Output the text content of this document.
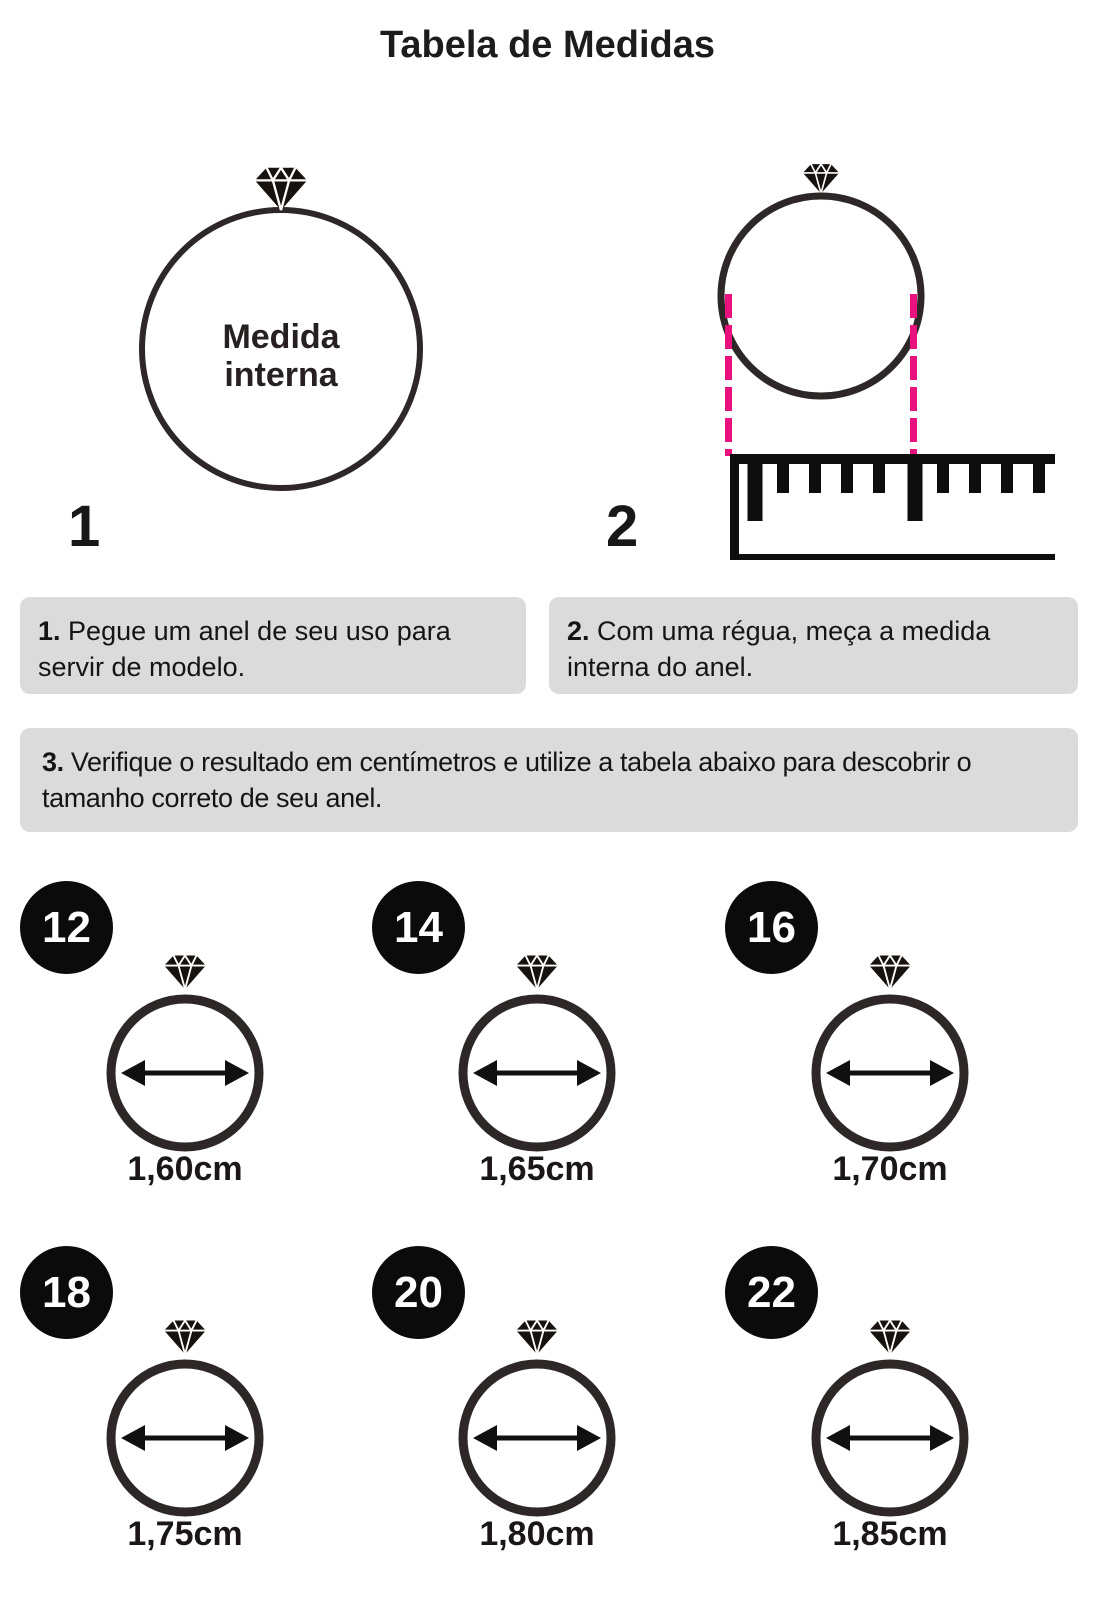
Tabela de Medidas
Medida interna
1	2
1. Pegue um anel de seu uso para servir de modelo.
2. Com uma régua, meça a medida interna do anel.
3. Verifique o resultado em centímetros e utilize a tabela abaixo para descobrir o tamanho correto de seu anel.
12
1,60cm
14
1,65cm
16
1,70cm
18
1,75cm
20
1,80cm
22
1,85cm
